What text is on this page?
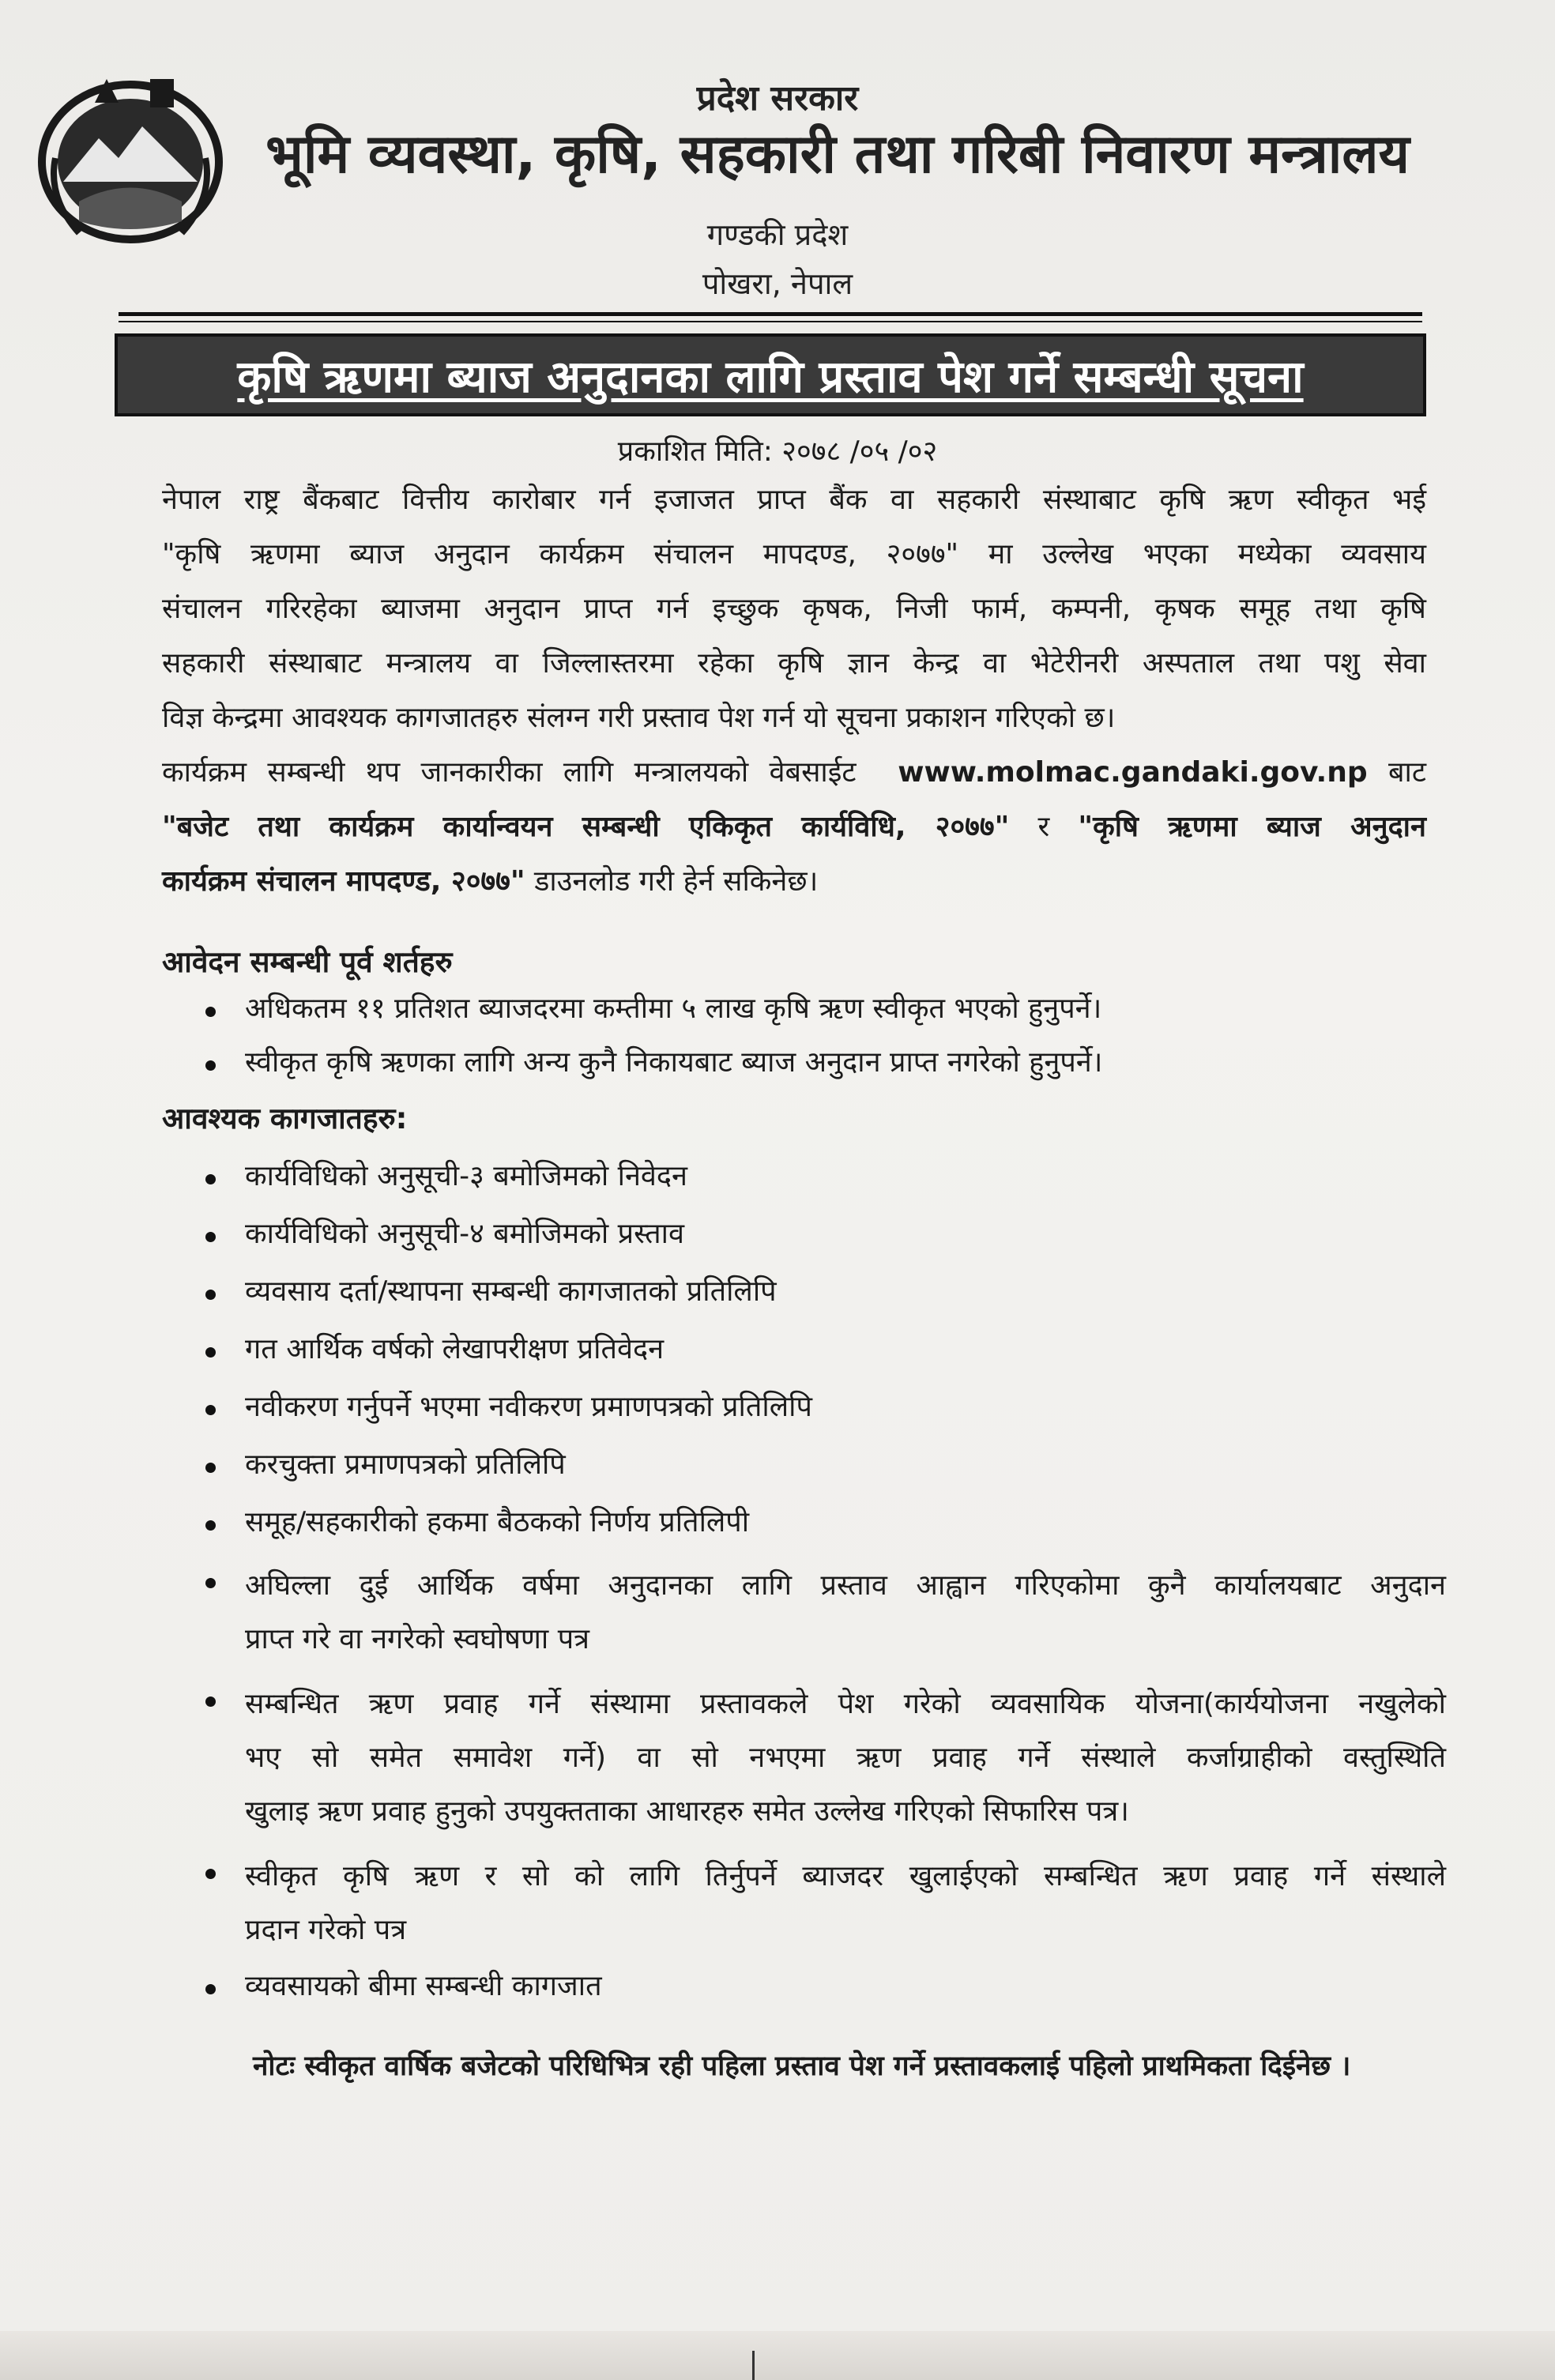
प्रदेश सरकार
भूमि व्यवस्था, कृषि, सहकारी तथा गरिबी निवारण मन्त्रालय
गण्डकी प्रदेश
पोखरा, नेपाल
कृषि ऋणमा ब्याज अनुदानका लागि प्रस्ताव पेश गर्ने सम्बन्धी सूचना
प्रकाशित मिति: २०७८ /०५ /०२
नेपाल राष्ट्र बैंकबाट वित्तीय कारोबार गर्न इजाजत प्राप्त बैंक वा सहकारी संस्थाबाट कृषि ऋण स्वीकृत भई
"कृषि ऋणमा ब्याज अनुदान कार्यक्रम संचालन मापदण्ड, २०७७" मा उल्लेख भएका मध्येका व्यवसाय
संचालन गरिरहेका ब्याजमा अनुदान प्राप्त गर्न इच्छुक कृषक, निजी फार्म, कम्पनी, कृषक समूह तथा कृषि
सहकारी संस्थाबाट मन्त्रालय वा जिल्लास्तरमा रहेका कृषि ज्ञान केन्द्र वा भेटेरीनरी अस्पताल तथा पशु सेवा
विज्ञ केन्द्रमा आवश्यक कागजातहरु संलग्न गरी प्रस्ताव पेश गर्न यो सूचना प्रकाशन गरिएको छ।
कार्यक्रम सम्बन्धी थप जानकारीका लागि मन्त्रालयको वेबसाईट www.molmac.gandaki.gov.np बाट
"बजेट तथा कार्यक्रम कार्यान्वयन सम्बन्धी एकिकृत कार्यविधि, २०७७" र "कृषि ऋणमा ब्याज अनुदान
कार्यक्रम संचालन मापदण्ड, २०७७" डाउनलोड गरी हेर्न सकिनेछ।
आवेदन सम्बन्धी पूर्व शर्तहरु
अधिकतम ११ प्रतिशत ब्याजदरमा कम्तीमा ५ लाख कृषि ऋण स्वीकृत भएको हुनुपर्ने।
स्वीकृत कृषि ऋणका लागि अन्य कुनै निकायबाट ब्याज अनुदान प्राप्त नगरेको हुनुपर्ने।
आवश्यक कागजातहरु:
कार्यविधिको अनुसूची-३ बमोजिमको निवेदन
कार्यविधिको अनुसूची-४ बमोजिमको प्रस्ताव
व्यवसाय दर्ता/स्थापना सम्बन्धी कागजातको प्रतिलिपि
गत आर्थिक वर्षको लेखापरीक्षण प्रतिवेदन
नवीकरण गर्नुपर्ने भएमा नवीकरण प्रमाणपत्रको प्रतिलिपि
करचुक्ता प्रमाणपत्रको प्रतिलिपि
समूह/सहकारीको हकमा बैठकको निर्णय प्रतिलिपी
अघिल्ला दुई आर्थिक वर्षमा अनुदानका लागि प्रस्ताव आह्वान गरिएकोमा कुनै कार्यालयबाट अनुदान
प्राप्त गरे वा नगरेको स्वघोषणा पत्र
सम्बन्धित ऋण प्रवाह गर्ने संस्थामा प्रस्तावकले पेश गरेको व्यवसायिक योजना(कार्ययोजना नखुलेको
भए सो समेत समावेश गर्ने) वा सो नभएमा ऋण प्रवाह गर्ने संस्थाले कर्जाग्राहीको वस्तुस्थिति
खुलाइ ऋण प्रवाह हुनुको उपयुक्तताका आधारहरु समेत उल्लेख गरिएको सिफारिस पत्र।
स्वीकृत कृषि ऋण र सो को लागि तिर्नुपर्ने ब्याजदर खुलाईएको सम्बन्धित ऋण प्रवाह गर्ने संस्थाले
प्रदान गरेको पत्र
व्यवसायको बीमा सम्बन्धी कागजात
नोटः स्वीकृत वार्षिक बजेटको परिधिभित्र रही पहिला प्रस्ताव पेश गर्ने प्रस्तावकलाई पहिलो प्राथमिकता दिईनेछ ।
